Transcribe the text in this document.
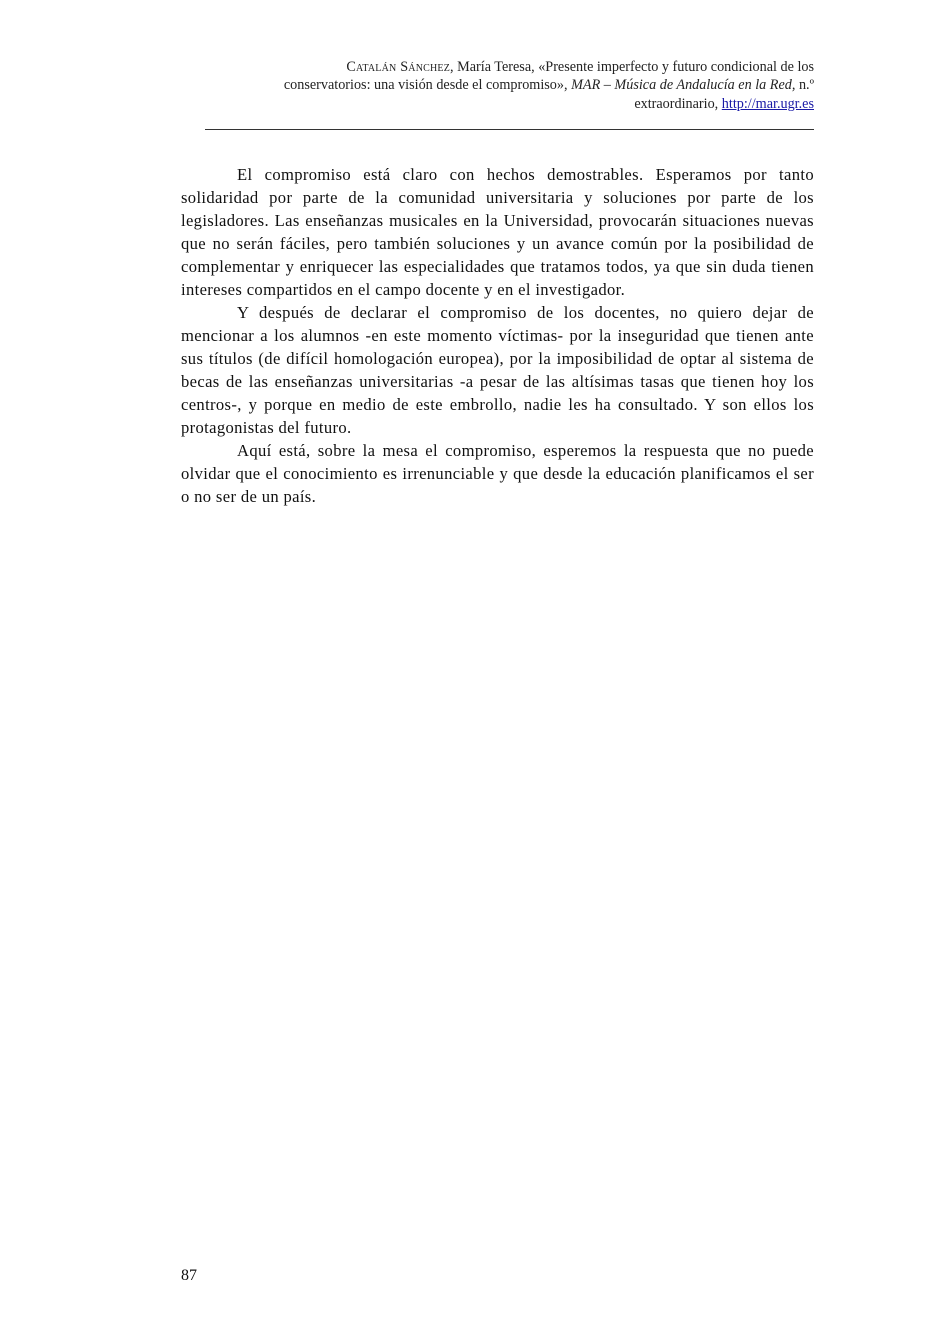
Catalán Sánchez, María Teresa, «Presente imperfecto y futuro condicional de los
conservatorios: una visión desde el compromiso», MAR – Música de Andalucía en la Red, n.º
extraordinario, http://mar.ugr.es

El compromiso está claro con hechos demostrables. Esperamos por tanto solidaridad por parte de la comunidad universitaria y soluciones por parte de los legisladores. Las enseñanzas musicales en la Universidad, provocarán situaciones nuevas que no serán fáciles, pero también soluciones y un avance común por la posibilidad de complementar y enriquecer las especialidades que tratamos todos, ya que sin duda tienen intereses compartidos en el campo docente y en el investigador.

Y después de declarar el compromiso de los docentes, no quiero dejar de mencionar a los alumnos -en este momento víctimas- por la inseguridad que tienen ante sus títulos (de difícil homologación europea), por la imposibilidad de optar al sistema de becas de las enseñanzas universitarias -a pesar de las altísimas tasas que tienen hoy los centros-, y porque en medio de este embrollo, nadie les ha consultado. Y son ellos los protagonistas del futuro.

Aquí está, sobre la mesa el compromiso, esperemos la respuesta que no puede olvidar que el conocimiento es irrenunciable y que desde la educación planificamos el ser o no ser de un país.

87
